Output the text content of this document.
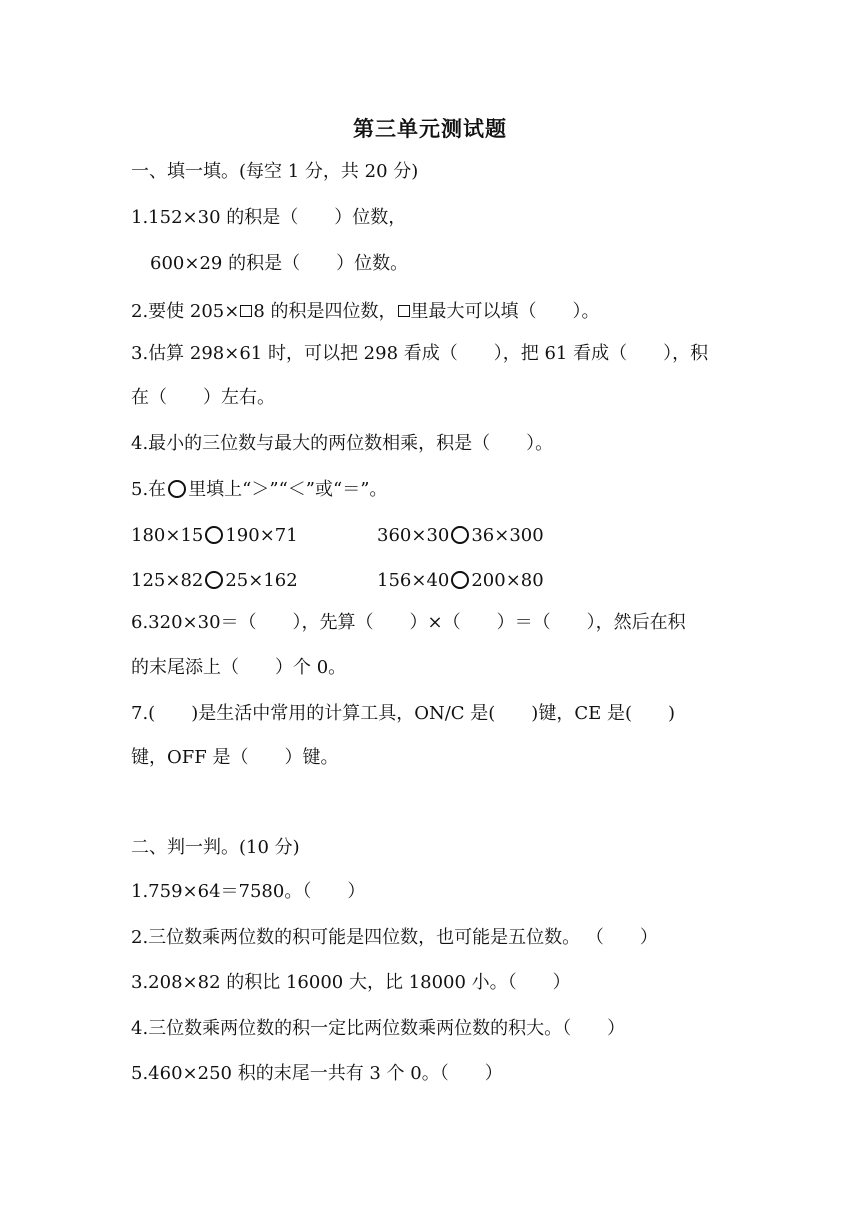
第三单元测试题
一、填一填。(每空 1 分，共 20 分)
1.152×30 的积是（　　）位数，
600×29 的积是（　　）位数。
2.要使 205× 8 的积是四位数， 里最大可以填（　　）。
3.估算 298×61 时，可以把 298 看成（　　），把 61 看成（　　），积
在（　　）左右。
4.最小的三位数与最大的两位数相乘，积是（　　）。
5.在 里填上“＞”“＜”或“＝”。
180×15 190×71	360×30 36×300
125×82 25×162	156×40 200×80
6.320×30＝（　　），先算（　　）×（　　）＝（　　），然后在积
的末尾添上（　　）个 0。
7.(　　)是生活中常用的计算工具，ON/C 是(　　)键，CE 是(　　)
键，OFF 是（　　）键。
二、判一判。(10 分)
1.759×64＝7580。（　　）
2.三位数乘两位数的积可能是四位数，也可能是五位数。 （　　）
3.208×82 的积比 16000 大，比 18000 小。（　　）
4.三位数乘两位数的积一定比两位数乘两位数的积大。（　　）
5.460×250 积的末尾一共有 3 个 0。（　　）
